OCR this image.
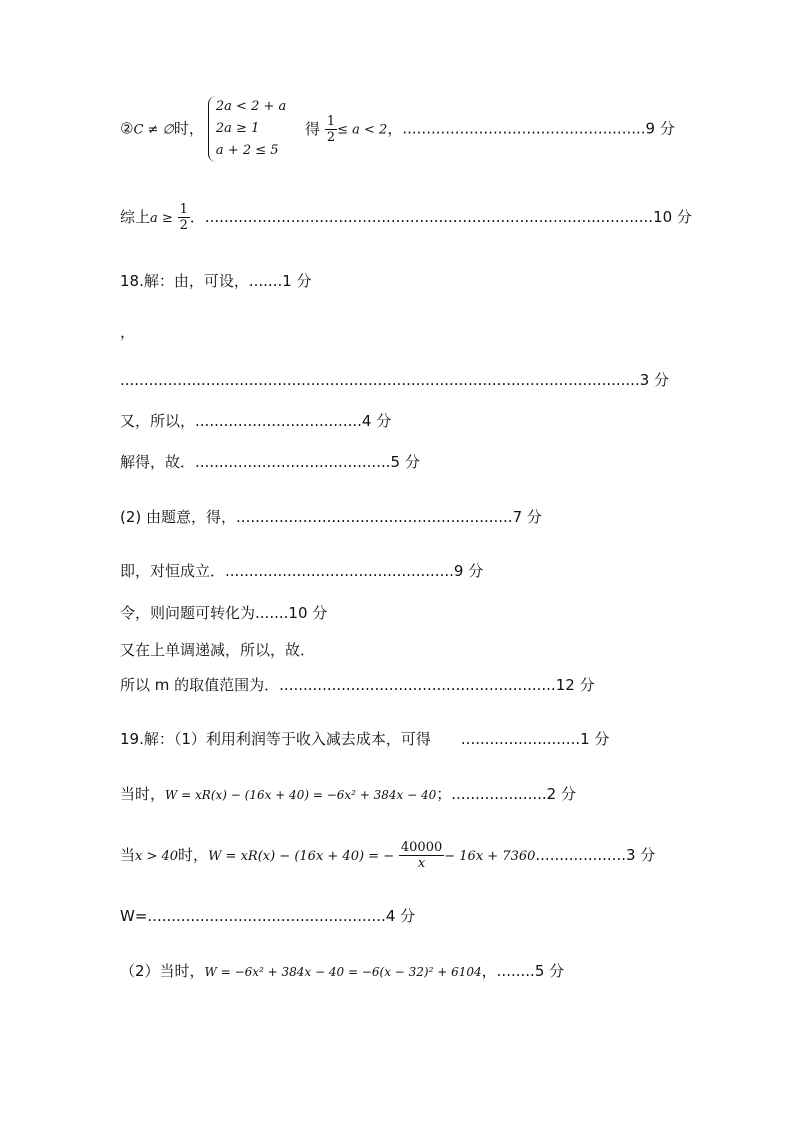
②C ≠ ∅时，
2a < 2 + a
2a ≥ 1
a + 2 ≤ 5
得 $\frac{1}{2} \le a < 2$，...................................................9 分
综上$a \ge \frac{1}{2}$ ．..............................................................................................10 分
18.解：由，可设，.......1 分
，
.............................................................................................................3 分
又，所以，...................................4 分
解得，故．.........................................5 分
(2) 由题意，得，..........................................................7 分
即，对恒成立．................................................9 分
令，则问题可转化为.......10 分
又在上单调递减，所以，故．
所以 m 的取值范围为．..........................................................12 分
19.解：（1）利用利润等于收入减去成本，可得 .........................1 分
当时，W = xR(x) − (16x + 40) = −6x² + 384x − 40；....................2 分
当x > 40时，W = xR(x) − (16x + 40) = − $\frac{40000}{x} - 16x + 7360...................3$ 分
W=..................................................4 分
（2）当时，W = −6x² + 384x − 40 = −6(x − 32)² + 6104，........5 分
